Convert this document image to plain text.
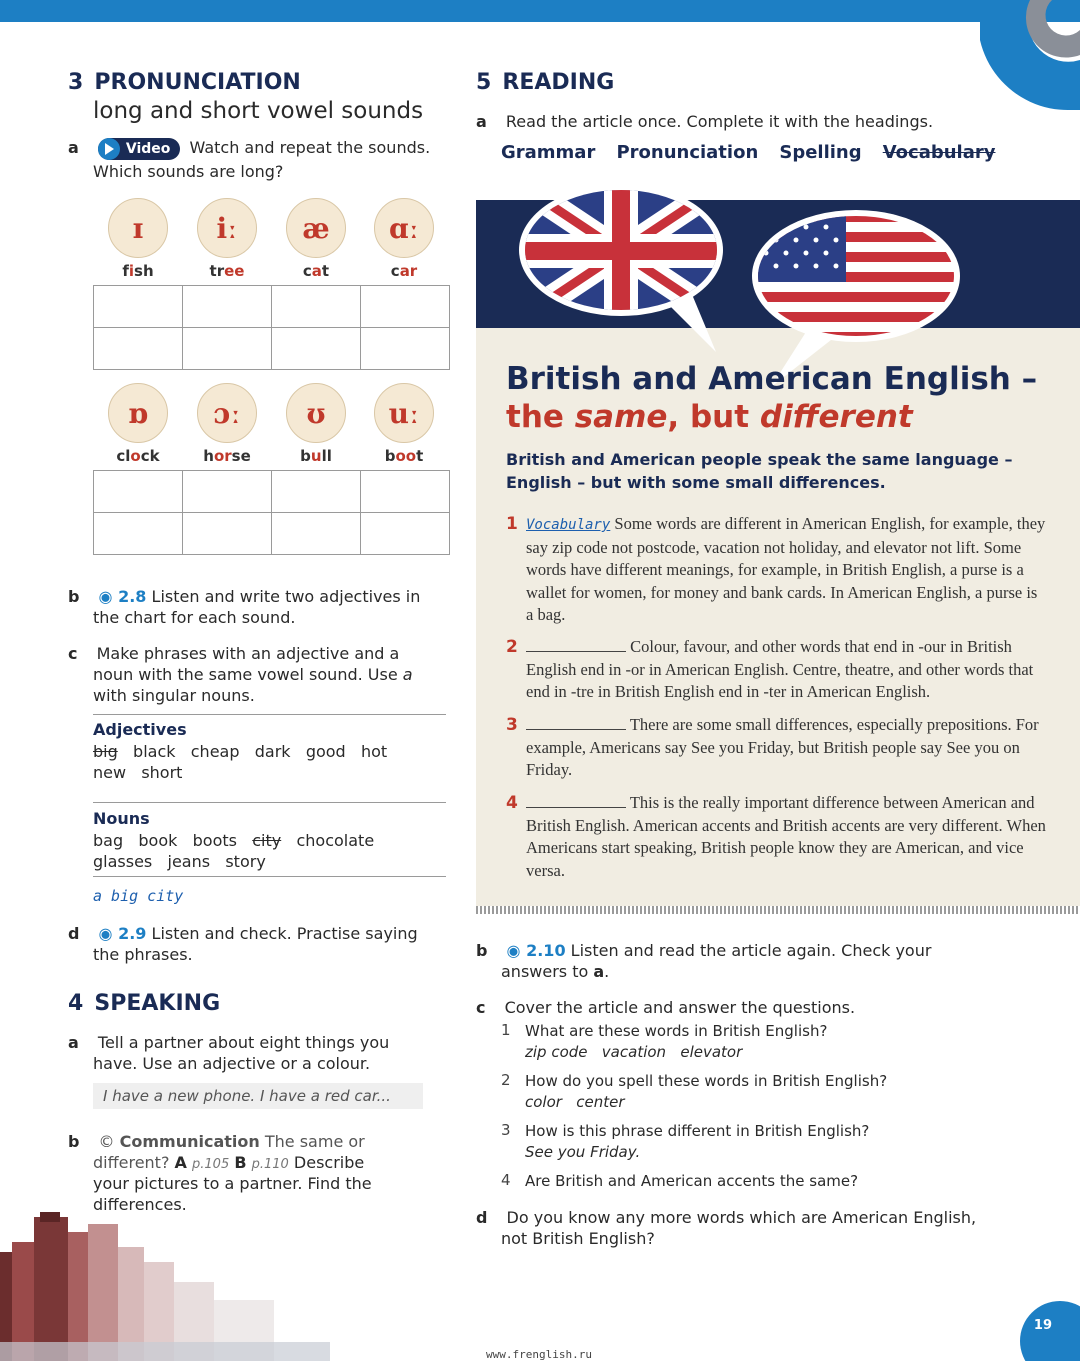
3 PRONUNCIATION
long and short vowel sounds
a	Video Watch and repeat the sounds.
Which sounds are long?
ɪ
fish
iː
tree
æ
cat
ɑː
car

ɒ
clock
ɔː
horse
ʊ
bull
uː
boot

b ◉ 2.8 Listen and write two adjectives in
the chart for each sound.
c Make phrases with an adjective and a
noun with the same vowel sound. Use a
with singular nouns.
Adjectives
big black   cheap   dark   good   hot
new   short
Nouns
bag   book   boots   city   chocolate
glasses   jeans   story
a big city
d ◉ 2.9 Listen and check. Practise saying
the phrases.
4 SPEAKING
a Tell a partner about eight things you
have. Use an adjective or a colour.
I have a new phone. I have a red car...
b © Communication The same or
different? A p.105 B p.110 Describe
your pictures to a partner. Find the
differences.
5 READING
a Read the article once. Complete it with the headings.
Grammar Pronunciation Spelling Vocabulary
British and American English –
the same, but different
British and American people speak the same language – English – but with some small differences.
1 Vocabulary Some words are different in American English, for example, they say zip code not postcode, vacation not holiday, and elevator not lift. Some words have different meanings, for example, in British English, a purse is a wallet for women, for money and bank cards. In American English, a purse is a bag.
2	Colour, favour, and other words that end in -our in British English end in -or in American English. Centre, theatre, and other words that end in -tre in British English end in -ter in American English.
3	There are some small differences, especially prepositions. For example, Americans say See you Friday, but British people say See you on Friday.
4	This is the really important difference between American and British English. American accents and British accents are very different. When Americans start speaking, British people know they are American, and vice versa.
b ◉ 2.10 Listen and read the article again. Check your
answers to a.
c Cover the article and answer the questions.
1 What are these words in British English?
zip code   vacation   elevator
2 How do you spell these words in British English?
color   center
3 How is this phrase different in British English?
See you Friday.
4 Are British and American accents the same?
d Do you know any more words which are American English,
not British English?
www.frenglish.ru
19
